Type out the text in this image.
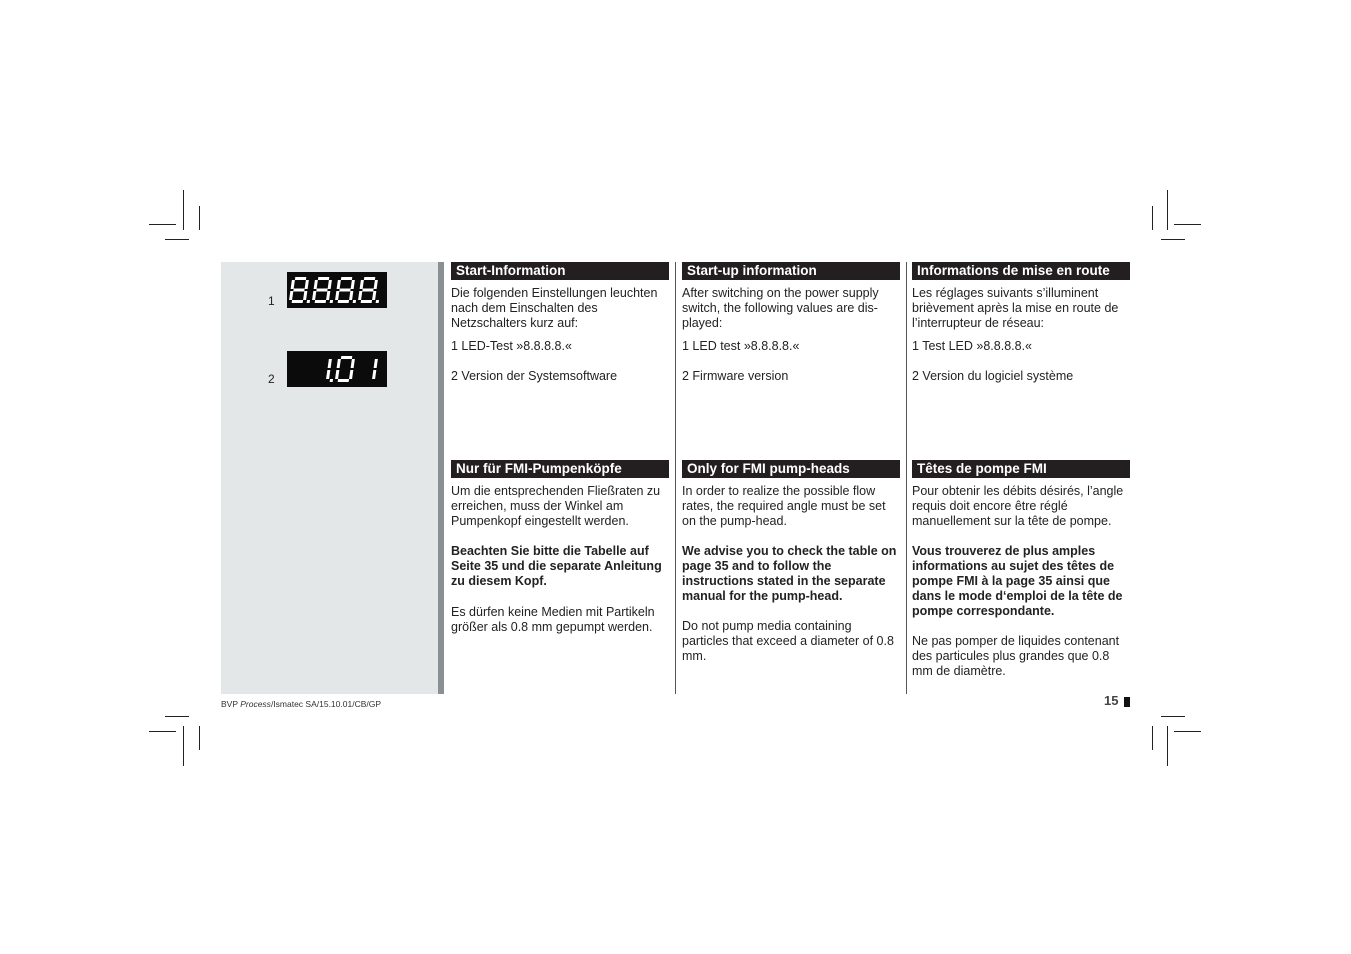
1
2
Start-Information

Die folgenden Einstellungen leuchten nach dem Einschalten des Netzschalters kurz auf:

1 LED-Test »8.8.8.8.«

2 Version der Systemsoftware

Nur für FMI-Pumpenköpfe

Um die entsprechenden Fließraten zu erreichen, muss der Winkel am Pumpenkopf eingestellt werden.

Beachten Sie bitte die Tabelle auf Seite 35 und die separate Anleitung zu diesem Kopf.

Es dürfen keine Medien mit Partikeln größer als 0.8 mm gepumpt werden.

Start-up information

After switching on the power supply switch, the following values are dis-played:

1 LED test »8.8.8.8.«

2 Firmware version

Only for FMI pump-heads

In order to realize the possible flow rates, the required angle must be set on the pump-head.

We advise you to check the table on page 35 and to follow the instructions stated in the separate manual for the pump-head.

Do not pump media containing particles that exceed a diameter of 0.8 mm.

Informations de mise en route

Les réglages suivants s’illuminent brièvement après la mise en route de l’interrupteur de réseau:

1 Test LED »8.8.8.8.«

2 Version du logiciel système

Têtes de pompe FMI

Pour obtenir les débits désirés, l’angle requis doit encore être réglé manuellement sur la tête de pompe.

Vous trouverez de plus amples informations au sujet des têtes de pompe FMI à la page 35 ainsi que dans le mode d‘emploi de la tête de pompe correspondante.

Ne pas pomper de liquides contenant des particules plus grandes que 0.8 mm de diamètre.

BVP Process/Ismatec SA/15.10.01/CB/GP	15
